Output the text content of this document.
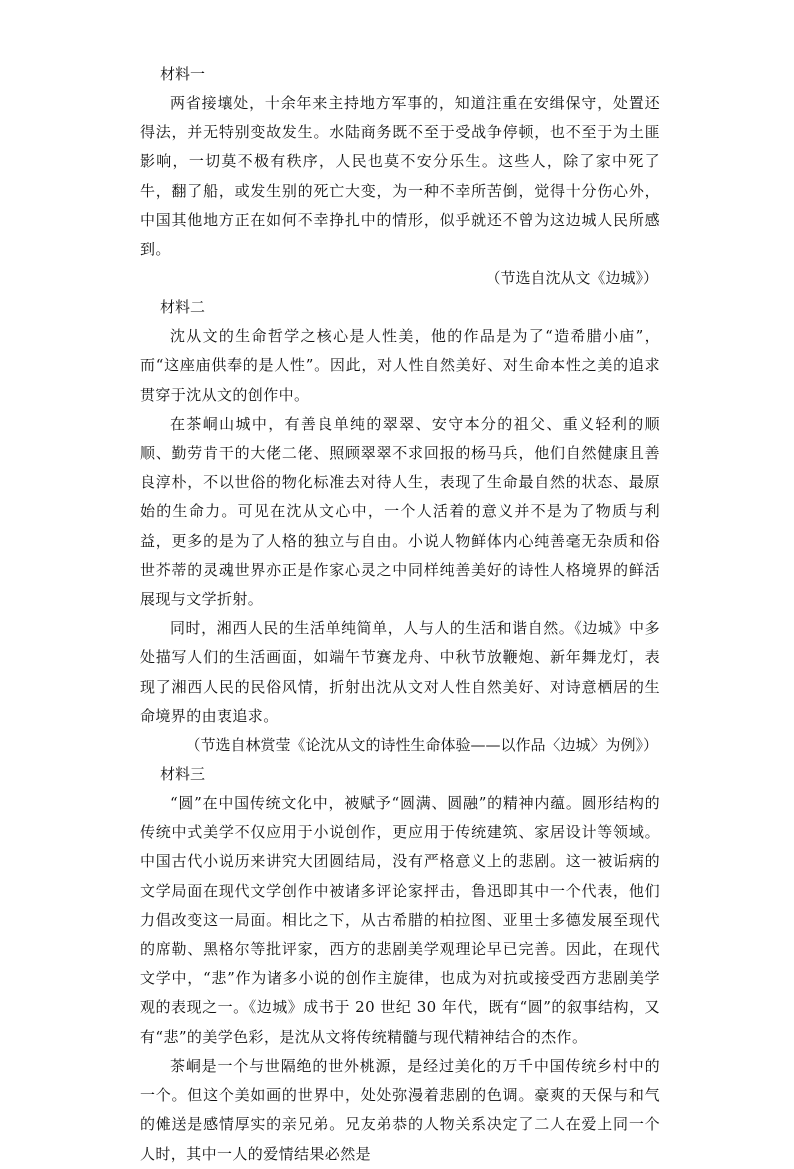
材料一

两省接壤处，十余年来主持地方军事的，知道注重在安缉保守，处置还得法，并无特别变故发生。水陆商务既不至于受战争停顿，也不至于为土匪影响，一切莫不极有秩序，人民也莫不安分乐生。这些人，除了家中死了牛，翻了船，或发生别的死亡大变，为一种不幸所苦倒，觉得十分伤心外，中国其他地方正在如何不幸挣扎中的情形，似乎就还不曾为这边城人民所感到。

（节选自沈从文《边城》）

材料二

沈从文的生命哲学之核心是人性美，他的作品是为了“造希腊小庙”，而“这座庙供奉的是人性”。因此，对人性自然美好、对生命本性之美的追求贯穿于沈从文的创作中。

在茶峒山城中，有善良单纯的翠翠、安守本分的祖父、重义轻利的顺顺、勤劳肯干的大佬二佬、照顾翠翠不求回报的杨马兵，他们自然健康且善良淳朴，不以世俗的物化标准去对待人生，表现了生命最自然的状态、最原始的生命力。可见在沈从文心中，一个人活着的意义并不是为了物质与利益，更多的是为了人格的独立与自由。小说人物鲜体内心纯善毫无杂质和俗世芥蒂的灵魂世界亦正是作家心灵之中同样纯善美好的诗性人格境界的鲜活展现与文学折射。

同时，湘西人民的生活单纯简单，人与人的生活和谐自然。《边城》中多处描写人们的生活画面，如端午节赛龙舟、中秋节放鞭炮、新年舞龙灯，表现了湘西人民的民俗风情，折射出沈从文对人性自然美好、对诗意栖居的生命境界的由衷追求。

（节选自林赏莹《论沈从文的诗性生命体验——以作品〈边城〉为例》）

材料三

“圆”在中国传统文化中，被赋予“圆满、圆融”的精神内蕴。圆形结构的传统中式美学不仅应用于小说创作，更应用于传统建筑、家居设计等领域。中国古代小说历来讲究大团圆结局，没有严格意义上的悲剧。这一被诟病的文学局面在现代文学创作中被诸多评论家抨击，鲁迅即其中一个代表，他们力倡改变这一局面。相比之下，从古希腊的柏拉图、亚里士多德发展至现代的席勒、黑格尔等批评家，西方的悲剧美学观理论早已完善。因此，在现代文学中，“悲”作为诸多小说的创作主旋律，也成为对抗或接受西方悲剧美学观的表现之一。《边城》成书于 20 世纪 30 年代，既有“圆”的叙事结构，又有“悲”的美学色彩，是沈从文将传统精髓与现代精神结合的杰作。

茶峒是一个与世隔绝的世外桃源，是经过美化的万千中国传统乡村中的一个。但这个美如画的世界中，处处弥漫着悲剧的色调。豪爽的天保与和气的傩送是感情厚实的亲兄弟。兄友弟恭的人物关系决定了二人在爱上同一个人时，其中一人的爱情结果必然是
